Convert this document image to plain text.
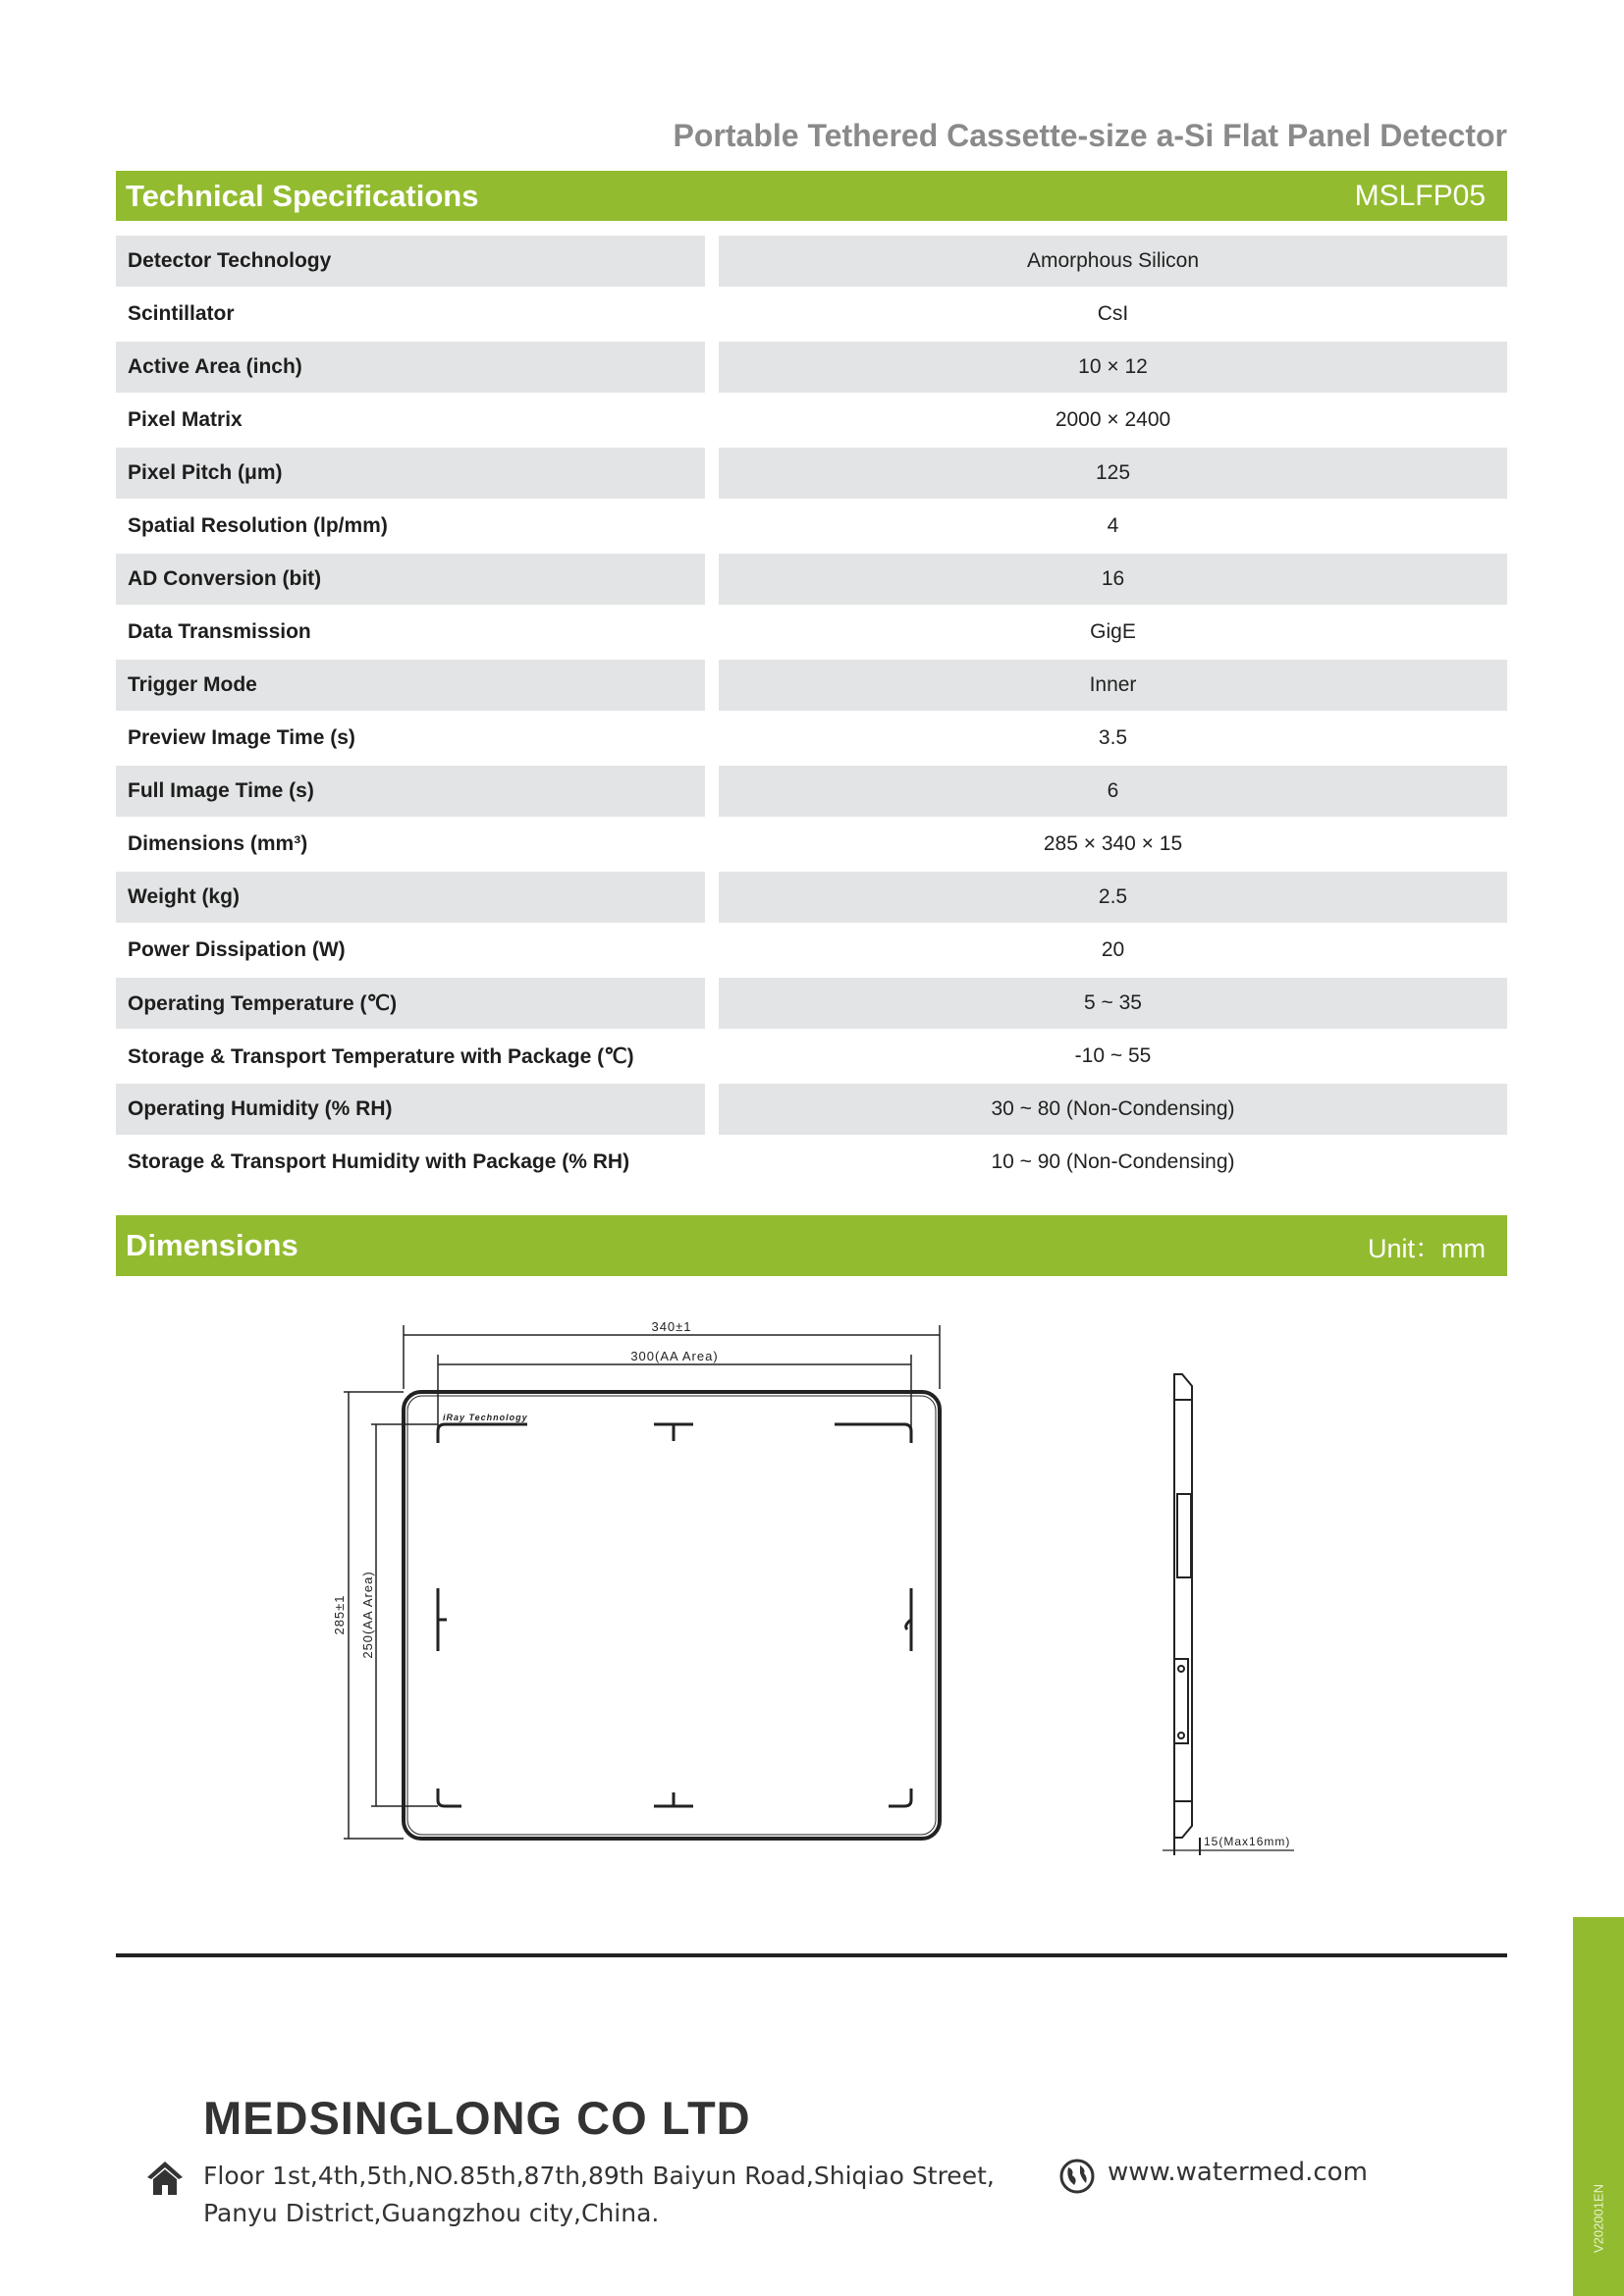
Portable Tethered Cassette-size a-Si Flat Panel Detector
Technical Specifications	MSLFP05
Detector Technology	Amorphous Silicon
Scintillator	CsI
Active Area (inch)	10 × 12
Pixel Matrix	2000 × 2400
Pixel Pitch (μm)	125
Spatial Resolution (lp/mm)	4
AD Conversion (bit)	16
Data Transmission	GigE
Trigger Mode	Inner
Preview Image Time (s)	3.5
Full Image Time (s)	6
Dimensions (mm³)	285 × 340 × 15
Weight (kg)	2.5
Power Dissipation (W)	20
Operating Temperature (℃)	5 ~ 35
Storage & Transport Temperature with Package (℃)	-10 ~ 55
Operating Humidity (% RH)	30 ~ 80 (Non-Condensing)
Storage & Transport Humidity with Package (% RH)	10 ~ 90 (Non-Condensing)
Dimensions	Unit：mm
340±1
300(AA Area)
285±1 250(AA Area)
15(Max16mm)
iRay Technology
MEDSINGLONG CO LTD
Floor 1st,4th,5th,NO.85th,87th,89th Baiyun Road,Shiqiao Street,
Panyu District,Guangzhou city,China.
www.watermed.com
V202001EN
